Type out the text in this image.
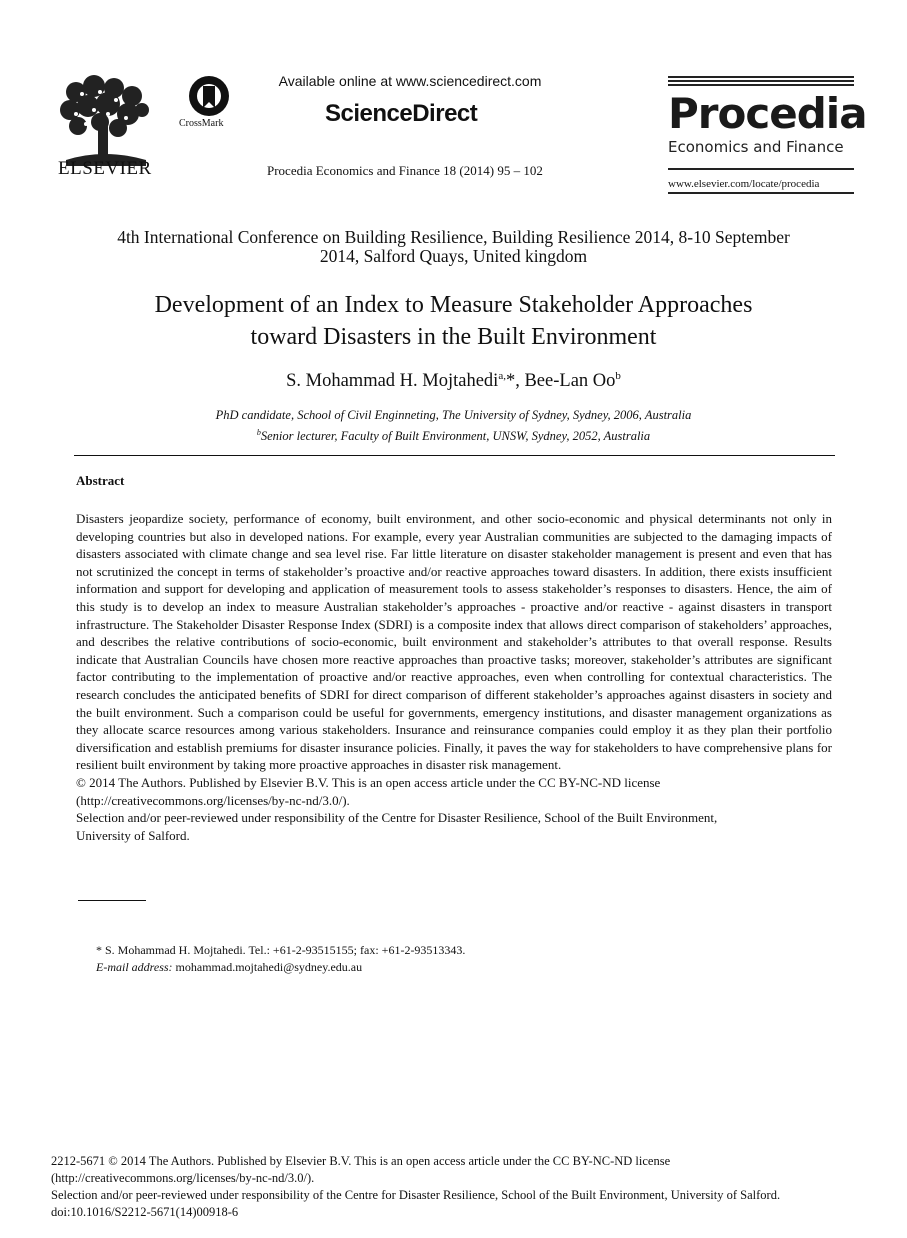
ELSEVIER
CrossMark
Available online at www.sciencedirect.com
ScienceDirect
Procedia Economics and Finance 18 (2014) 95 – 102
Procedia
Economics and Finance
www.elsevier.com/locate/procedia
4th International Conference on Building Resilience, Building Resilience 2014, 8-10 September
2014, Salford Quays, United kingdom
Development of an Index to Measure Stakeholder Approaches
toward Disasters in the Built Environment
S. Mohammad H. Mojtahedi$^{a,}$*, Bee-Lan Oo$^b$
PhD candidate, School of Civil Enginneting, The University of Sydney, Sydney, 2006, Australia
$^b$Senior lecturer, Faculty of Built Environment, UNSW, Sydney, 2052, Australia
Abstract

Disasters jeopardize society, performance of economy, built environment, and other socio-economic and physical determinants not only in developing countries but also in developed nations. For example, every year Australian communities are subjected to the damaging impacts of disasters associated with climate change and sea level rise. Far little literature on disaster stakeholder management is present and even that has not scrutinized the concept in terms of stakeholder’s proactive and/or reactive approaches toward disasters. In addition, there exists insufficient information and support for developing and application of measurement tools to assess stakeholder’s responses to disasters. Hence, the aim of this study is to develop an index to measure Australian stakeholder’s approaches - proactive and/or reactive - against disasters in transport infrastructure. The Stakeholder Disaster Response Index (SDRI) is a composite index that allows direct comparison of stakeholders’ approaches, and describes the relative contributions of socio-economic, built environment and stakeholder’s attributes to that overall response. Results indicate that Australian Councils have chosen more reactive approaches than proactive tasks; moreover, stakeholder’s attributes are significant factor contributing to the implementation of proactive and/or reactive approaches, even when controlling for contextual characteristics. The research concludes the anticipated benefits of SDRI for direct comparison of different stakeholder’s approaches against disasters in society and the built environment. Such a comparison could be useful for governments, emergency institutions, and disaster management organizations as they allocate scarce resources among various stakeholders. Insurance and reinsurance companies could employ it as they plan their portfolio diversification and establish premiums for disaster insurance policies. Finally, it paves the way for stakeholders to have comprehensive plans for resilient built environment by taking more proactive approaches in disaster risk management.

© 2014 The Authors. Published by Elsevier B.V. This is an open access article under the CC BY-NC-ND license

(http://creativecommons.org/licenses/by-nc-nd/3.0/).

Selection and/or peer-reviewed under responsibility of the Centre for Disaster Resilience, School of the Built Environment,

University of Salford.

* S. Mohammad H. Mojtahedi. Tel.: +61-2-93515155; fax: +61-2-93513343.
E-mail address: mohammad.mojtahedi@sydney.edu.au
2212-5671 © 2014 The Authors. Published by Elsevier B.V. This is an open access article under the CC BY-NC-ND license
(http://creativecommons.org/licenses/by-nc-nd/3.0/).
Selection and/or peer-reviewed under responsibility of the Centre for Disaster Resilience, School of the Built Environment, University of Salford.
doi:10.1016/S2212-5671(14)00918-6
